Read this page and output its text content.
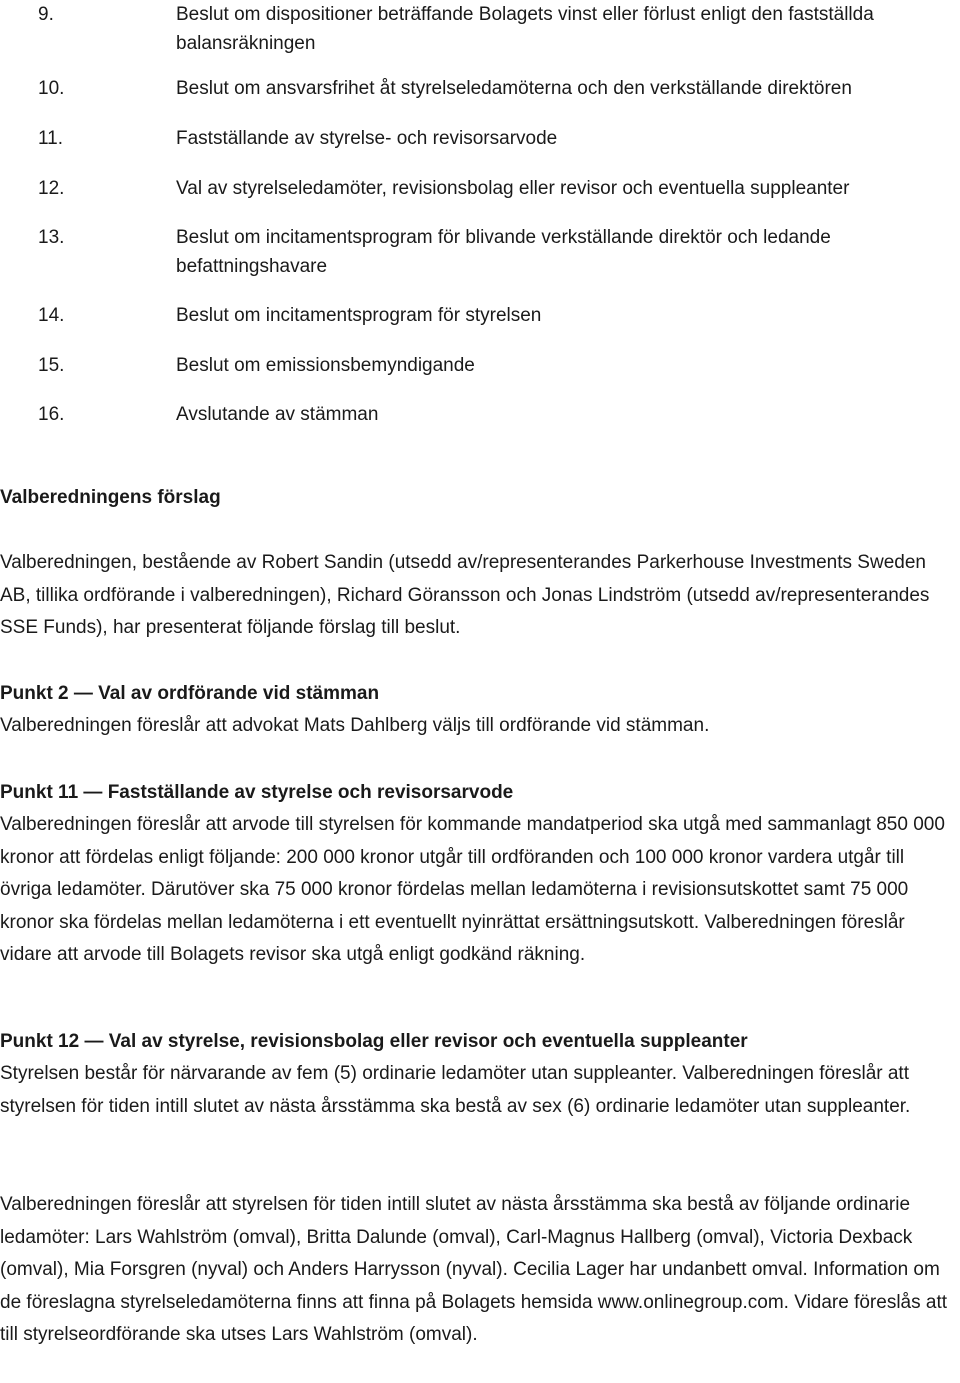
9.	Beslut om dispositioner beträffande Bolagets vinst eller förlust enligt den fastställda balansräkningen
10.	Beslut om ansvarsfrihet åt styrelseledamöterna och den verkställande direktören
11.	Fastställande av styrelse- och revisorsarvode
12.	Val av styrelseledamöter, revisionsbolag eller revisor och eventuella suppleanter
13.	Beslut om incitamentsprogram för blivande verkställande direktör och ledande befattningshavare
14.	Beslut om incitamentsprogram för styrelsen
15.	Beslut om emissionsbemyndigande
16.	Avslutande av stämman
Valberedningens förslag

Valberedningen, bestående av Robert Sandin (utsedd av/representerandes Parkerhouse Investments Sweden AB, tillika ordförande i valberedningen), Richard Göransson och Jonas Lindström (utsedd av/representerandes SSE Funds), har presenterat följande förslag till beslut.

Punkt 2 — Val av ordförande vid stämman

Valberedningen föreslår att advokat Mats Dahlberg väljs till ordförande vid stämman.

Punkt 11 — Fastställande av styrelse och revisorsarvode

Valberedningen föreslår att arvode till styrelsen för kommande mandatperiod ska utgå med sammanlagt 850 000 kronor att fördelas enligt följande: 200 000 kronor utgår till ordföranden och 100 000 kronor vardera utgår till övriga ledamöter. Därutöver ska 75 000 kronor fördelas mellan ledamöterna i revisionsutskottet samt 75 000 kronor ska fördelas mellan ledamöterna i ett eventuellt nyinrättat ersättningsutskott. Valberedningen föreslår vidare att arvode till Bolagets revisor ska utgå enligt godkänd räkning.

Punkt 12 — Val av styrelse, revisionsbolag eller revisor och eventuella suppleanter

Styrelsen består för närvarande av fem (5) ordinarie ledamöter utan suppleanter. Valberedningen föreslår att styrelsen för tiden intill slutet av nästa årsstämma ska bestå av sex (6) ordinarie ledamöter utan suppleanter.

Valberedningen föreslår att styrelsen för tiden intill slutet av nästa årsstämma ska bestå av följande ordinarie ledamöter: Lars Wahlström (omval), Britta Dalunde (omval), Carl-Magnus Hallberg (omval), Victoria Dexback (omval), Mia Forsgren (nyval) och Anders Harrysson (nyval). Cecilia Lager har undanbett omval. Information om de föreslagna styrelseledamöterna finns att finna på Bolagets hemsida www.onlinegroup.com. Vidare föreslås att till styrelseordförande ska utses Lars Wahlström (omval).
